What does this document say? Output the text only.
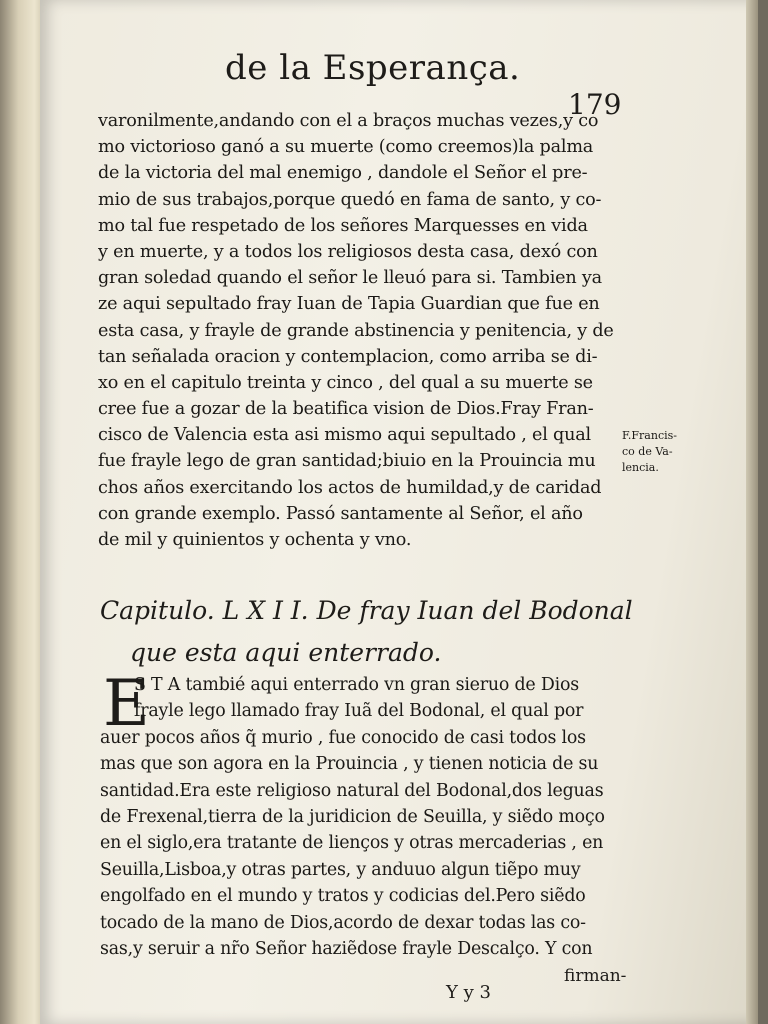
de la Esperança.
179
varonilmente,andando con el a braços muchas vezes,y co
mo victorioso ganó a su muerte (como creemos)la palma
de la victoria del mal enemigo , dandole el Señor el pre-
mio de sus trabajos,porque quedó en fama de santo, y co-
mo tal fue respetado de los señores Marquesses en vida
y en muerte, y a todos los religiosos desta casa, dexó con
gran soledad quando el señor le lleuó para si. Tambien ya
ze aqui sepultado fray Iuan de Tapia Guardian que fue en
esta casa, y frayle de grande abstinencia y penitencia, y de
tan señalada oracion y contemplacion, como arriba se di-
xo en el capitulo treinta y cinco , del qual a su muerte se
cree fue a gozar de la beatifica vision de Dios.Fray Fran-
cisco de Valencia esta asi mismo aqui sepultado , el qual
fue frayle lego de gran santidad;biuio en la Prouincia mu
chos años exercitando los actos de humildad,y de caridad
con grande exemplo. Passó santamente al Señor, el año
de mil y quinientos y ochenta y vno.
F.Francis-
co de Va-
lencia.
Capitulo. L X I I. De fray Iuan del Bodonal
que esta aqui enterrado.
E
S T A tambié aqui enterrado vn gran sieruo de Dios
frayle lego llamado fray Iuã del Bodonal, el qual por
auer pocos años q̃ murio , fue conocido de casi todos los
mas que son agora en la Prouincia , y tienen noticia de su
santidad.Era este religioso natural del Bodonal,dos leguas
de Frexenal,tierra de la juridicion de Seuilla, y siẽdo moço
en el siglo,era tratante de lienços y otras mercaderias , en
Seuilla,Lisboa,y otras partes, y anduuo algun tiẽpo muy
engolfado en el mundo y tratos y codicias del.Pero siẽdo
tocado de la mano de Dios,acordo de dexar todas las co-
sas,y seruir a nr̃o Señor haziẽdose frayle Descalço. Y con
firman-
Y y 3
